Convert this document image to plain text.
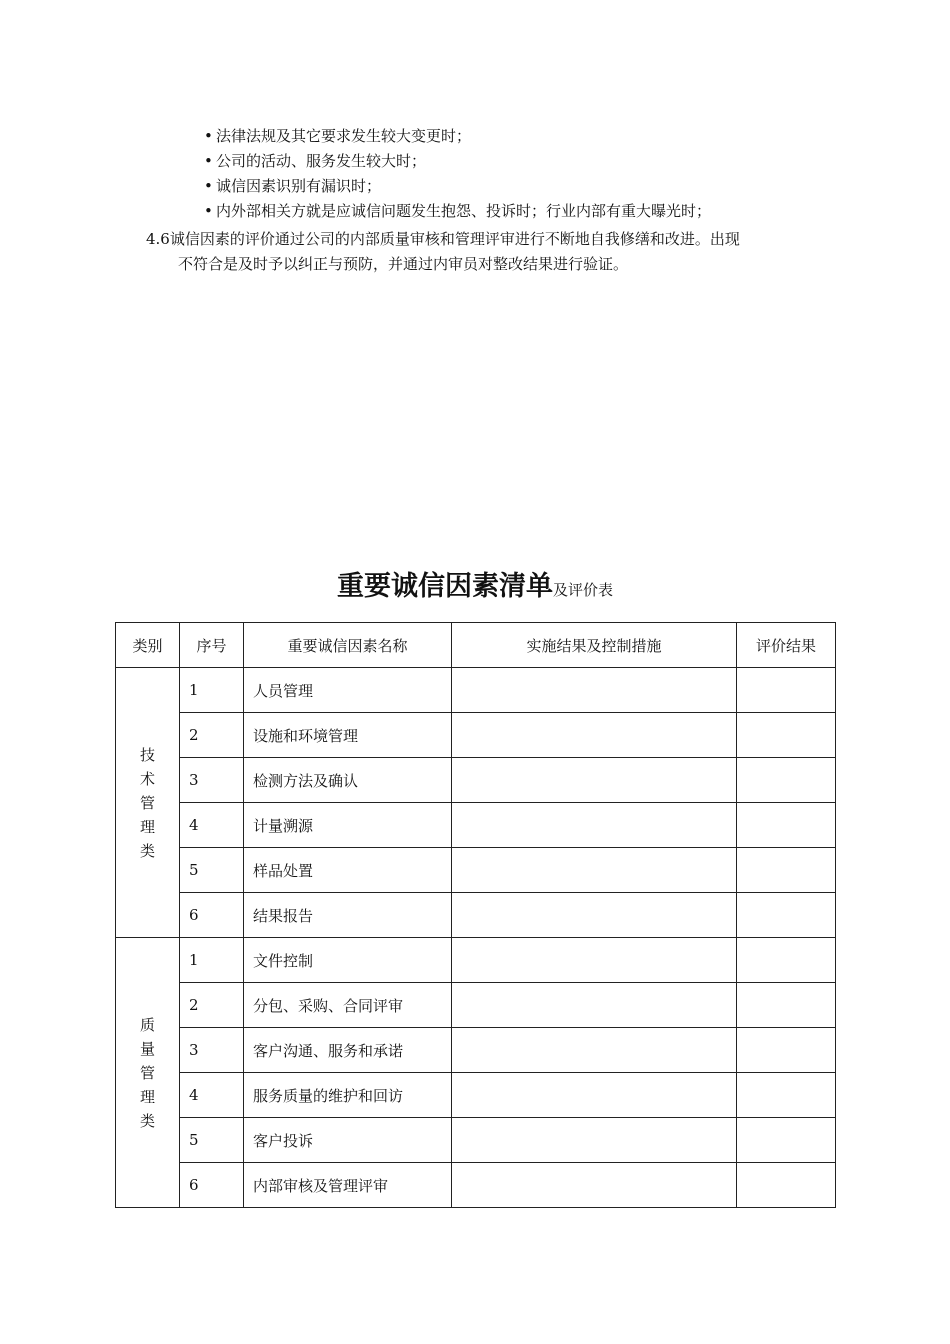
• 法律法规及其它要求发生较大变更时；
• 公司的活动、服务发生较大时；
• 诚信因素识别有漏识时；
• 内外部相关方就是应诚信问题发生抱怨、投诉时；行业内部有重大曝光时；
4.6诚信因素的评价通过公司的内部质量审核和管理评审进行不断地自我修缮和改进。出现
不符合是及时予以纠正与预防，并通过内审员对整改结果进行验证。
重要诚信因素清单及评价表
类别	序号	重要诚信因素名称	实施结果及控制措施	评价结果

技
术
管
理
类	1	人员管理		
	2	设施和环境管理		
	3	检测方法及确认		
	4	计量溯源		
	5	样品处置		
	6	结果报告		

质
量
管
理
类	1	文件控制		
	2	分包、采购、合同评审		
	3	客户沟通、服务和承诺		
	4	服务质量的维护和回访		
	5	客户投诉		
	6	内部审核及管理评审		
